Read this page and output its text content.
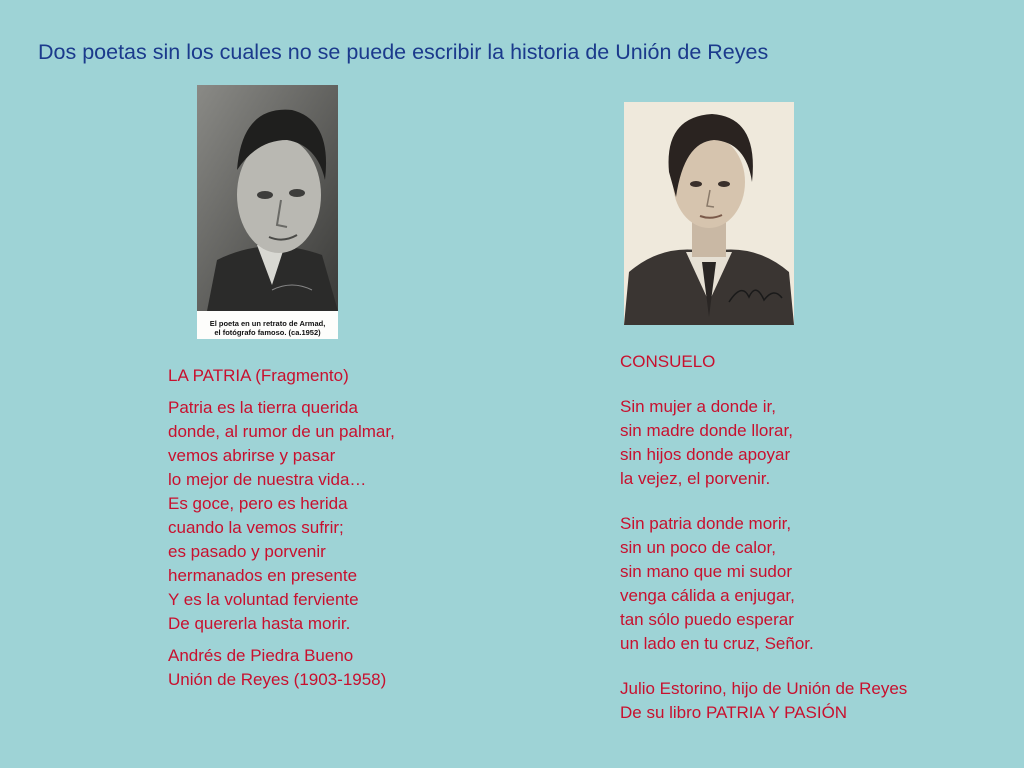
Dos poetas sin los cuales no se puede escribir la historia de Unión de Reyes
El poeta en un retrato de Armad,
el fotógrafo famoso. (ca.1952)

LA PATRIA (Fragmento)

Patria es la tierra querida
donde, al rumor de un palmar,
vemos abrirse y pasar
lo mejor de nuestra vida…
Es goce, pero es herida
cuando la vemos sufrir;
es pasado y porvenir
hermanados en presente
Y es la voluntad ferviente
De quererla hasta morir.

Andrés de Piedra Bueno
Unión de Reyes (1903-1958)

CONSUELO

Sin mujer a donde ir,
sin madre donde llorar,
sin hijos donde apoyar
la vejez, el porvenir.

Sin patria donde morir,
sin un poco de calor,
sin mano que mi sudor
venga cálida a enjugar,
tan sólo puedo esperar
un lado en tu cruz, Señor.

Julio Estorino, hijo de Unión de Reyes
De su libro PATRIA Y PASIÓN
